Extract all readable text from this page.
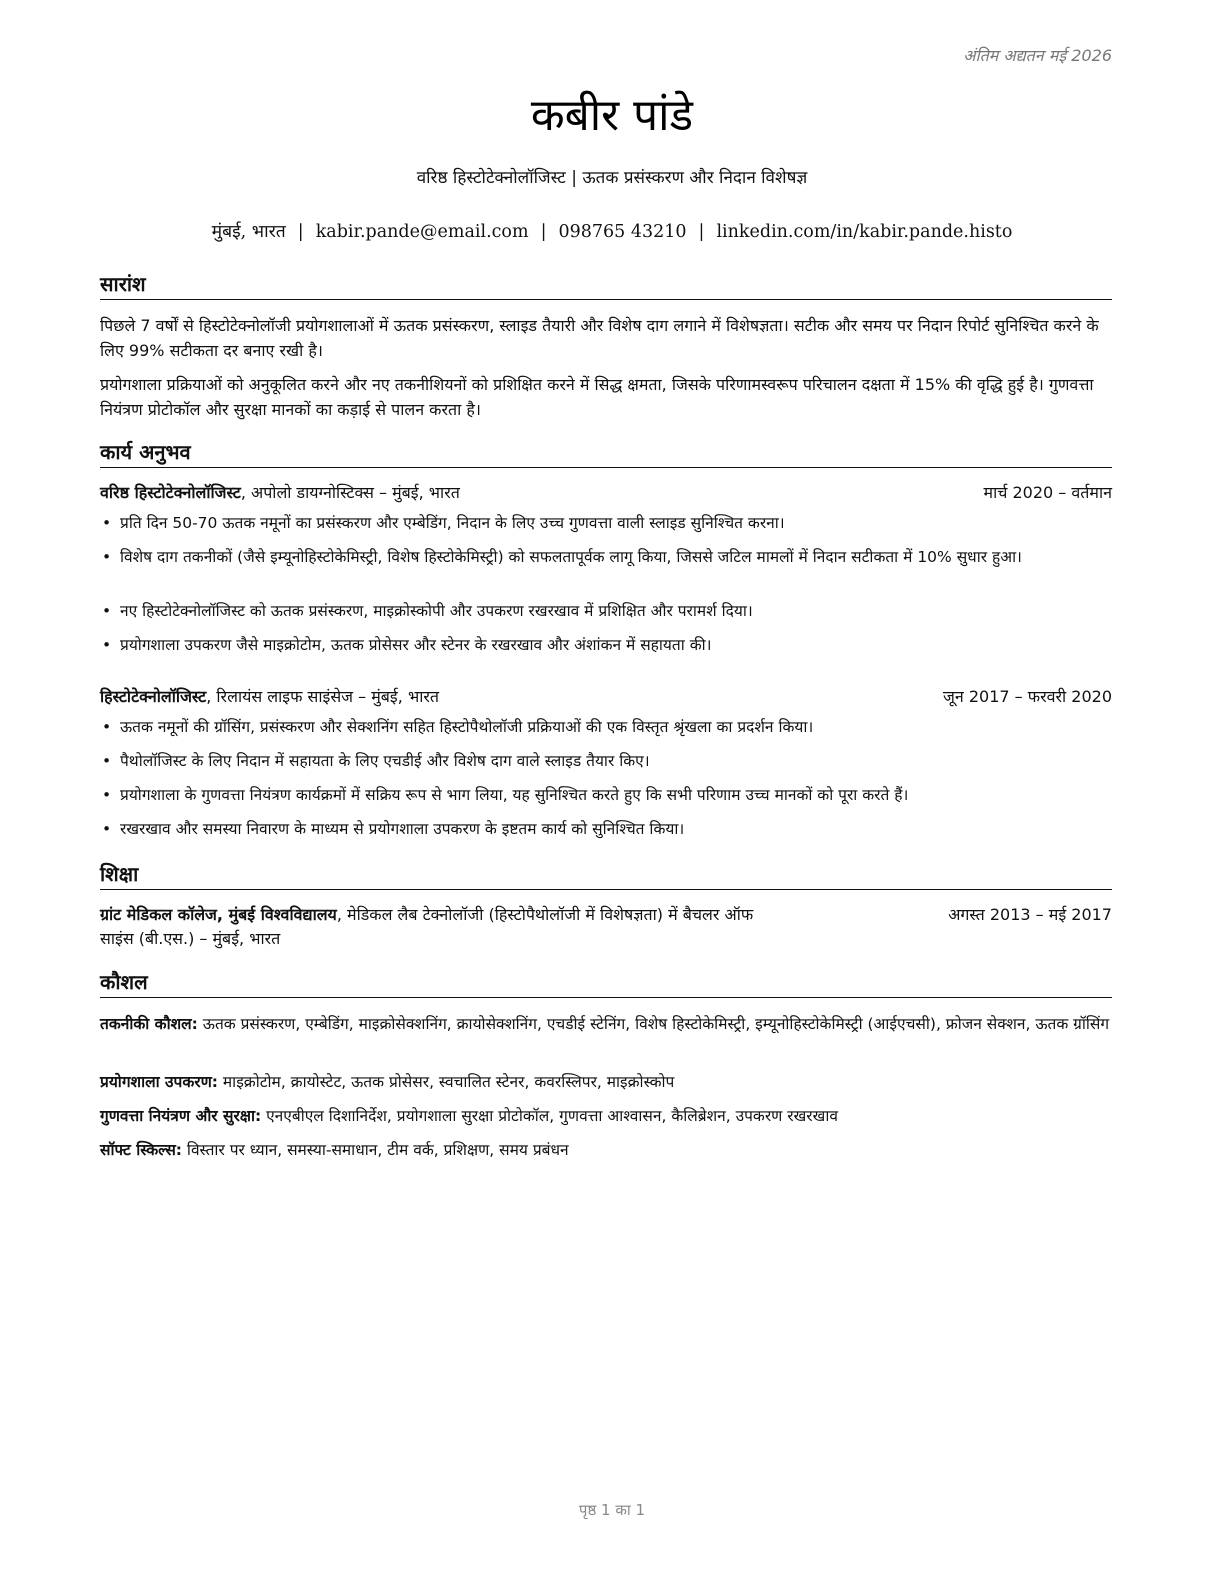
अंतिम अद्यतन मई 2026
कबीर पांडे
वरिष्ठ हिस्टोटेक्नोलॉजिस्ट | ऊतक प्रसंस्करण और निदान विशेषज्ञ
मुंबई, भारत | kabir.pande@email.com | 098765 43210 | linkedin.com/in/kabir.pande.histo
सारांश

पिछले 7 वर्षों से हिस्टोटेक्नोलॉजी प्रयोगशालाओं में ऊतक प्रसंस्करण, स्लाइड तैयारी और विशेष दाग लगाने में विशेषज्ञता। सटीक और समय पर निदान रिपोर्ट सुनिश्चित करने के लिए 99% सटीकता दर बनाए रखी है।

प्रयोगशाला प्रक्रियाओं को अनुकूलित करने और नए तकनीशियनों को प्रशिक्षित करने में सिद्ध क्षमता, जिसके परिणामस्वरूप परिचालन दक्षता में 15% की वृद्धि हुई है। गुणवत्ता नियंत्रण प्रोटोकॉल और सुरक्षा मानकों का कड़ाई से पालन करता है।

कार्य अनुभव
वरिष्ठ हिस्टोटेक्नोलॉजिस्ट, अपोलो डायग्नोस्टिक्स – मुंबई, भारत	मार्च 2020 – वर्तमान
• प्रति दिन 50-70 ऊतक नमूनों का प्रसंस्करण और एम्बेडिंग, निदान के लिए उच्च गुणवत्ता वाली स्लाइड सुनिश्चित करना।
• विशेष दाग तकनीकों (जैसे इम्यूनोहिस्टोकेमिस्ट्री, विशेष हिस्टोकेमिस्ट्री) को सफलतापूर्वक लागू किया, जिससे जटिल मामलों में निदान सटीकता में 10% सुधार हुआ।
• नए हिस्टोटेक्नोलॉजिस्ट को ऊतक प्रसंस्करण, माइक्रोस्कोपी और उपकरण रखरखाव में प्रशिक्षित और परामर्श दिया।
• प्रयोगशाला उपकरण जैसे माइक्रोटोम, ऊतक प्रोसेसर और स्टेनर के रखरखाव और अंशांकन में सहायता की।
हिस्टोटेक्नोलॉजिस्ट, रिलायंस लाइफ साइंसेज – मुंबई, भारत	जून 2017 – फरवरी 2020
• ऊतक नमूनों की ग्रॉसिंग, प्रसंस्करण और सेक्शनिंग सहित हिस्टोपैथोलॉजी प्रक्रियाओं की एक विस्तृत श्रृंखला का प्रदर्शन किया।
• पैथोलॉजिस्ट के लिए निदान में सहायता के लिए एचडीई और विशेष दाग वाले स्लाइड तैयार किए।
• प्रयोगशाला के गुणवत्ता नियंत्रण कार्यक्रमों में सक्रिय रूप से भाग लिया, यह सुनिश्चित करते हुए कि सभी परिणाम उच्च मानकों को पूरा करते हैं।
• रखरखाव और समस्या निवारण के माध्यम से प्रयोगशाला उपकरण के इष्टतम कार्य को सुनिश्चित किया।
शिक्षा
ग्रांट मेडिकल कॉलेज, मुंबई विश्वविद्यालय, मेडिकल लैब टेक्नोलॉजी (हिस्टोपैथोलॉजी में विशेषज्ञता) में बैचलर ऑफ
साइंस (बी.एस.) – मुंबई, भारत
अगस्त 2013 – मई 2017
कौशल
तकनीकी कौशल: ऊतक प्रसंस्करण, एम्बेडिंग, माइक्रोसेक्शनिंग, क्रायोसेक्शनिंग, एचडीई स्टेनिंग, विशेष हिस्टोकेमिस्ट्री, इम्यूनोहिस्टोकेमिस्ट्री (आईएचसी), फ्रोजन सेक्शन, ऊतक ग्रॉसिंग
प्रयोगशाला उपकरण: माइक्रोटोम, क्रायोस्टेट, ऊतक प्रोसेसर, स्वचालित स्टेनर, कवरस्लिपर, माइक्रोस्कोप
गुणवत्ता नियंत्रण और सुरक्षा: एनएबीएल दिशानिर्देश, प्रयोगशाला सुरक्षा प्रोटोकॉल, गुणवत्ता आश्वासन, कैलिब्रेशन, उपकरण रखरखाव
सॉफ्ट स्किल्स: विस्तार पर ध्यान, समस्या-समाधान, टीम वर्क, प्रशिक्षण, समय प्रबंधन
पृष्ठ 1 का 1
